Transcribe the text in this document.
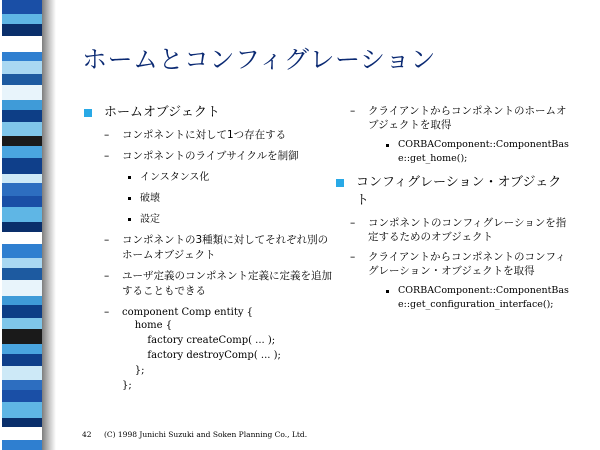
ホームとコンフィグレーション
ホームオブジェクト
– コンポネントに対して1つ存在する
– コンポネントのライブサイクルを制御
インスタンス化
破壊
設定
– コンポネントの3種類に対してそれぞれ別のホームオブジェクト
– ユーザ定義のコンポネント定義に定義を追加することもできる
– component Comp entity {
home {
factory createComp( ... );
factory destroyComp( ... );
};
};
– クライアントからコンポネントのホームオブジェクトを取得
CORBAComponent::ComponentBase::get_home();
コンフィグレーション・オブジェクト
– コンポネントのコンフィグレーションを指定するためのオブジェクト
– クライアントからコンポネントのコンフィグレーション・オブジェクトを取得
CORBAComponent::ComponentBase::get_configuration_interface();
42 (C) 1998 Junichi Suzuki and Soken Planning Co., Ltd.
